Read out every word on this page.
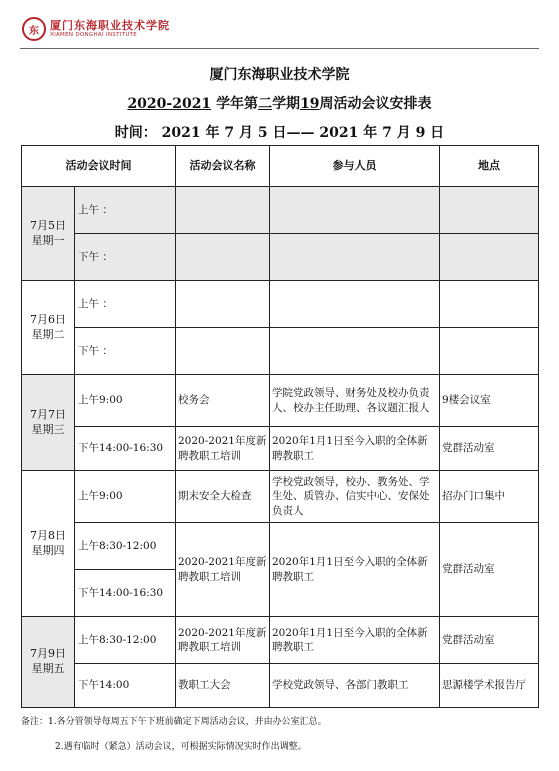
东	厦门东海职业技术学院
XIAMEN DONGHAI INSTITUTE
厦门东海职业技术学院
2020-2021 学年第二学期19周活动会议安排表
时间： 2021 年 7 月 5 日—— 2021 年 7 月 9 日
活动会议时间		活动会议名称	参与人员	地点

7月5日
星期一	上午 ：			
	下午 ：			

7月6日
星期二	上午 ：			
	下午 ：			

7月7日
星期三	上午9:00	校务会	学院党政领导、财务处及校办负责人、校办主任助理、各议题汇报人	9楼会议室
	下午14:00-16:30	2020-2021年度新聘教职工培训	2020年1月1日至今入职的全体新聘教职工	党群活动室

7月8日
星期四	上午9:00	期末安全大检查	学校党政领导，校办、教务处、学生处、质管办、信实中心、安保处负责人	招办门口集中
	上午8:30-12:00	2020-2021年度新聘教职工培训	2020年1月1日至今入职的全体新聘教职工	党群活动室
	下午14:00-16:30			

7月9日
星期五	上午8:30-12:00	2020-2021年度新聘教职工培训	2020年1月1日至今入职的全体新聘教职工	党群活动室
	下午14:00	教职工大会	学校党政领导、各部门教职工	思源楼学术报告厅
备注：1.各分管领导每周五下午下班前确定下周活动会议，并由办公室汇总。
2.遇有临时（紧急）活动会议，可根据实际情况实时作出调整。
